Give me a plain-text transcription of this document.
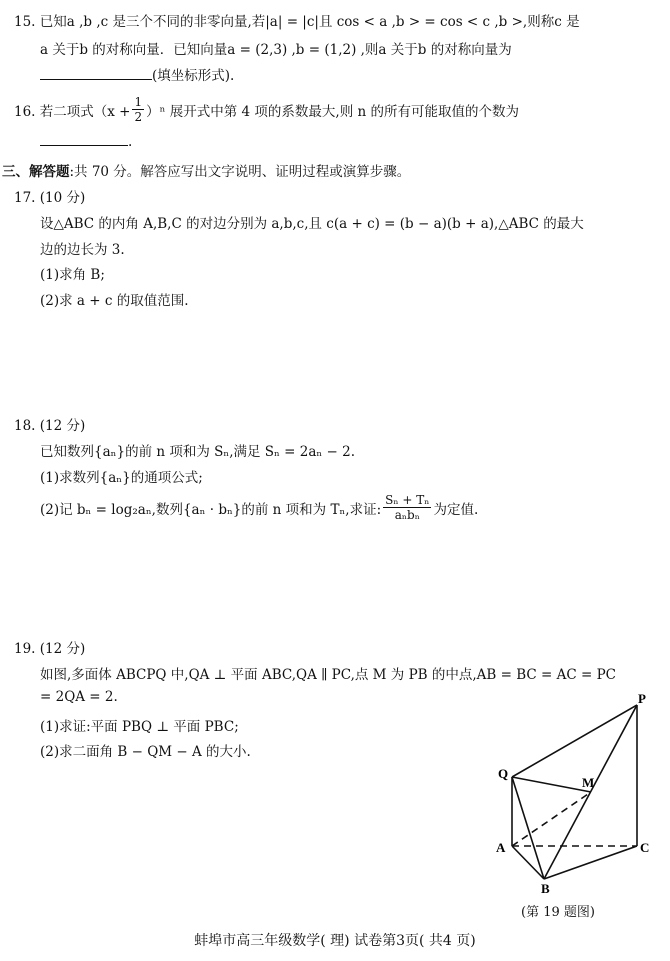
15. 已知a ,b ,c 是三个不同的非零向量,若|a| = |c|且 cos < a ,b > = cos < c ,b >,则称c 是
a 关于b 的对称向量．已知向量a = (2,3) ,b = (1,2) ,则a 关于b 的对称向量为
(填坐标形式).
16. 若二项式$(x + \frac{1}{2} )^n$ 展开式中第 4 项的系数最大,则 n 的所有可能取值的个数为
.
三、解答题:共 70 分。解答应写出文字说明、证明过程或演算步骤。
17. (10 分)
设△ABC 的内角 A,B,C 的对边分别为 a,b,c,且 c(a + c) = (b − a)(b + a),△ABC 的最大
边的边长为 3.
(1)求角 B;
(2)求 a + c 的取值范围.
18. (12 分)
已知数列{aₙ}的前 n 项和为 Sₙ,满足 Sₙ = 2aₙ − 2.
(1)求数列{aₙ}的通项公式;
(2)记 bₙ = log₂aₙ,数列{aₙ · bₙ}的前 n 项和为 Tₙ,求证: $\frac{\text{Sₙ + Tₙ}}{\text{aₙbₙ}}$ 为定值.
19. (12 分)
如图,多面体 ABCPQ 中,QA ⊥ 平面 ABC,QA ∥ PC,点 M 为 PB 的中点,AB = BC = AC = PC
= 2QA = 2.
(1)求证:平面 PBQ ⊥ 平面 PBC;
(2)求二面角 B − QM − A 的大小.
P
Q
M
A
B
C
(第 19 题图)
蚌埠市高三年级数学( 理) 试卷第3页( 共4 页)
